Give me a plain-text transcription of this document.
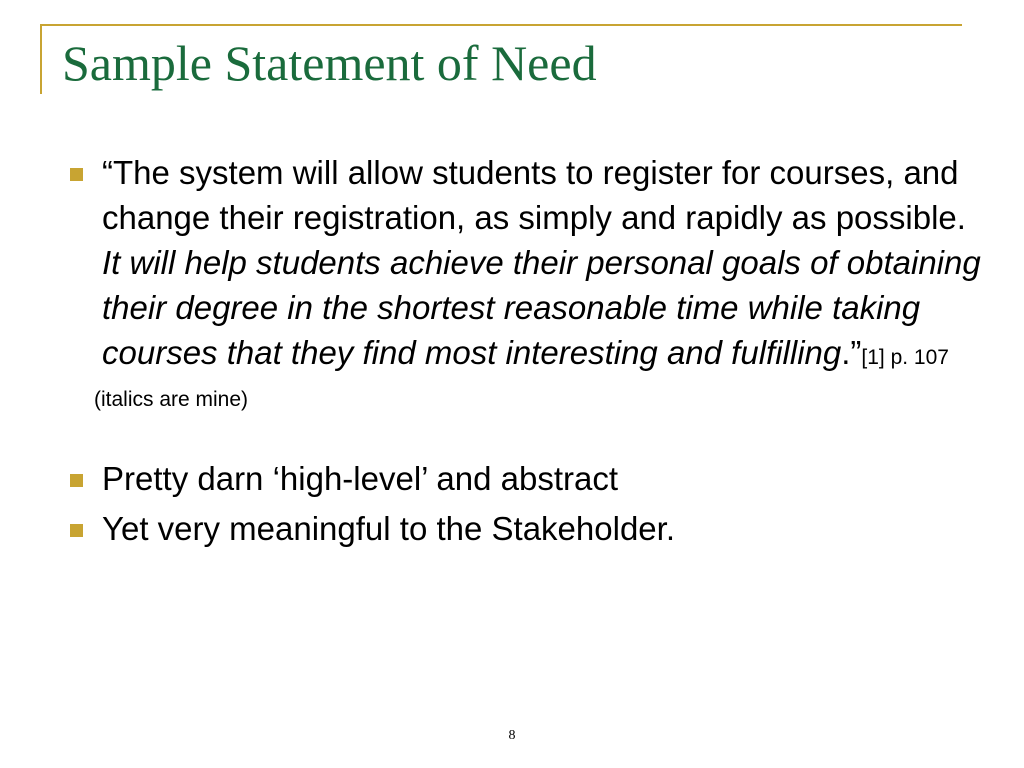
Sample Statement of Need
“The system will allow students to register for courses, and change their registration, as simply and rapidly as possible. It will help students achieve their personal goals of obtaining their degree in the shortest reasonable time while taking courses that they find most interesting and fulfilling.”[1] p. 107
(italics are mine)
Pretty darn ‘high-level’ and abstract
Yet very meaningful to the Stakeholder.
8
